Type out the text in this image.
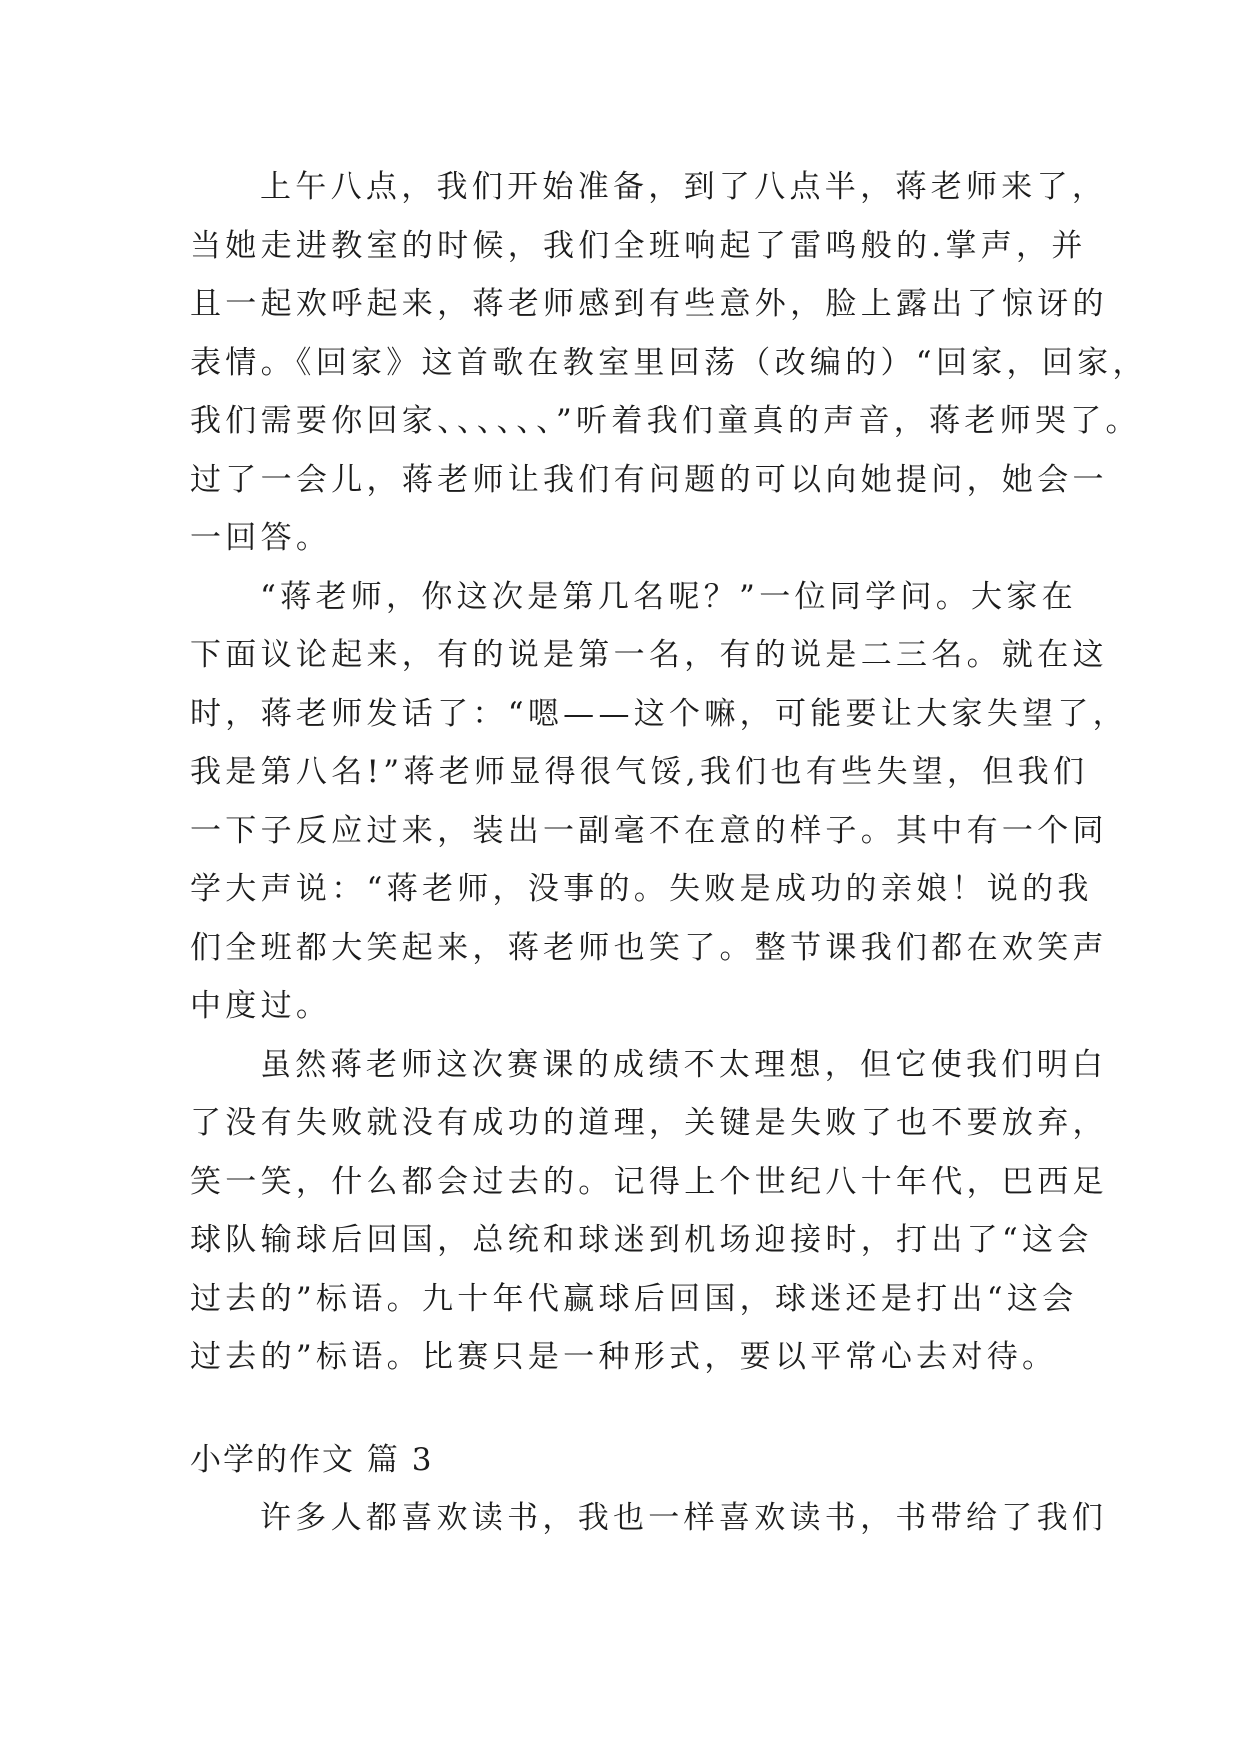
上午八点，我们开始准备，到了八点半，蒋老师来了，
当她走进教室的时候，我们全班响起了雷鸣般的.掌声，并
且一起欢呼起来，蒋老师感到有些意外，脸上露出了惊讶的
表情。《回家》这首歌在教室里回荡（改编的）“回家，回家，
我们需要你回家、、、、、、”听着我们童真的声音，蒋老师哭了。
过了一会儿，蒋老师让我们有问题的可以向她提问，她会一
一回答。
“蒋老师，你这次是第几名呢？”一位同学问。大家在
下面议论起来，有的说是第一名，有的说是二三名。就在这
时，蒋老师发话了：“嗯——这个嘛，可能要让大家失望了，
我是第八名!”蒋老师显得很气馁,我们也有些失望，但我们
一下子反应过来，装出一副毫不在意的样子。其中有一个同
学大声说：“蒋老师，没事的。失败是成功的亲娘！说的我
们全班都大笑起来，蒋老师也笑了。整节课我们都在欢笑声
中度过。
虽然蒋老师这次赛课的成绩不太理想，但它使我们明白
了没有失败就没有成功的道理，关键是失败了也不要放弃，
笑一笑，什么都会过去的。记得上个世纪八十年代，巴西足
球队输球后回国，总统和球迷到机场迎接时，打出了“这会
过去的”标语。九十年代赢球后回国，球迷还是打出“这会
过去的”标语。比赛只是一种形式，要以平常心去对待。
小学的作文 篇 3
许多人都喜欢读书，我也一样喜欢读书，书带给了我们
